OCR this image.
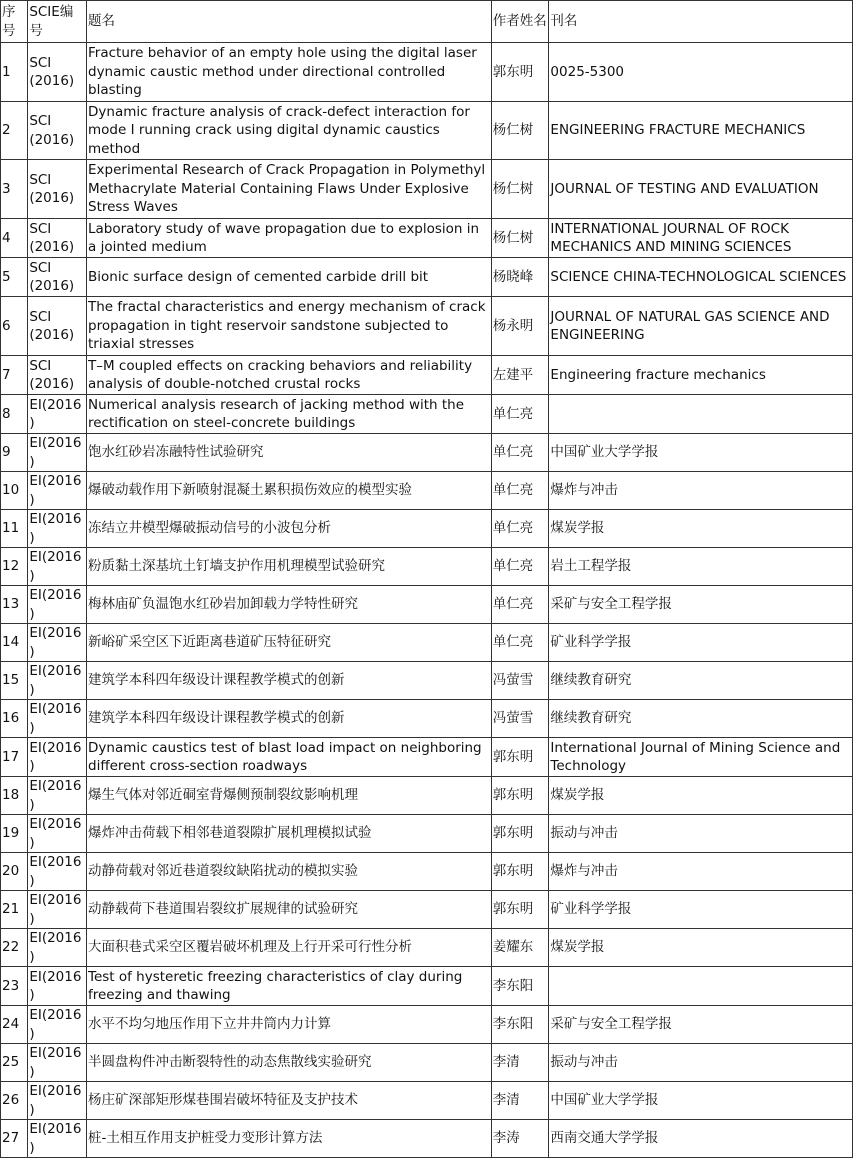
序号	SCIE编号	题名	作者姓名	刊名
1	SCI (2016)	Fracture behavior of an empty hole using the digital laser dynamic caustic method under directional controlled blasting	郭东明	0025-5300
2	SCI (2016)	Dynamic fracture analysis of crack-defect interaction for mode I running crack using digital dynamic caustics method	杨仁树	ENGINEERING FRACTURE MECHANICS
3	SCI (2016)	Experimental Research of Crack Propagation in Polymethyl Methacrylate Material Containing Flaws Under Explosive Stress Waves	杨仁树	JOURNAL OF TESTING AND EVALUATION
4	SCI (2016)	Laboratory study of wave propagation due to explosion in a jointed medium	杨仁树	INTERNATIONAL JOURNAL OF ROCK MECHANICS AND MINING SCIENCES
5	SCI (2016)	Bionic surface design of cemented carbide drill bit	杨晓峰	SCIENCE CHINA-TECHNOLOGICAL SCIENCES
6	SCI (2016)	The fractal characteristics and energy mechanism of crack propagation in tight reservoir sandstone subjected to triaxial stresses	杨永明	JOURNAL OF NATURAL GAS SCIENCE AND ENGINEERING
7	SCI (2016)	T–M coupled effects on cracking behaviors and reliability analysis of double-notched crustal rocks	左建平	Engineering fracture mechanics
8	EI(2016)	Numerical analysis research of jacking method with the rectification on steel-concrete buildings	单仁亮	
9	EI(2016)	饱水红砂岩冻融特性试验研究	单仁亮	中国矿业大学学报
10	EI(2016)	爆破动载作用下新喷射混凝土累积损伤效应的模型实验	单仁亮	爆炸与冲击
11	EI(2016)	冻结立井模型爆破振动信号的小波包分析	单仁亮	煤炭学报
12	EI(2016)	粉质黏土深基坑土钉墙支护作用机理模型试验研究	单仁亮	岩土工程学报
13	EI(2016)	梅林庙矿负温饱水红砂岩加卸载力学特性研究	单仁亮	采矿与安全工程学报
14	EI(2016)	新峪矿采空区下近距离巷道矿压特征研究	单仁亮	矿业科学学报
15	EI(2016)	建筑学本科四年级设计课程教学模式的创新	冯萤雪	继续教育研究
16	EI(2016)	建筑学本科四年级设计课程教学模式的创新	冯萤雪	继续教育研究
17	EI(2016)	Dynamic caustics test of blast load impact on neighboring different cross-section roadways	郭东明	International Journal of Mining Science and Technology
18	EI(2016)	爆生气体对邻近硐室背爆侧预制裂纹影响机理	郭东明	煤炭学报
19	EI(2016)	爆炸冲击荷载下相邻巷道裂隙扩展机理模拟试验	郭东明	振动与冲击
20	EI(2016)	动静荷载对邻近巷道裂纹缺陷扰动的模拟实验	郭东明	爆炸与冲击
21	EI(2016)	动静载荷下巷道围岩裂纹扩展规律的试验研究	郭东明	矿业科学学报
22	EI(2016)	大面积巷式采空区覆岩破坏机理及上行开采可行性分析	姜耀东	煤炭学报
23	EI(2016)	Test of hysteretic freezing characteristics of clay during freezing and thawing	李东阳	
24	EI(2016)	水平不均匀地压作用下立井井筒内力计算	李东阳	采矿与安全工程学报
25	EI(2016)	半圆盘构件冲击断裂特性的动态焦散线实验研究	李清	振动与冲击
26	EI(2016)	杨庄矿深部矩形煤巷围岩破坏特征及支护技术	李清	中国矿业大学学报
27	EI(2016)	桩-土相互作用支护桩受力变形计算方法	李涛	西南交通大学学报
